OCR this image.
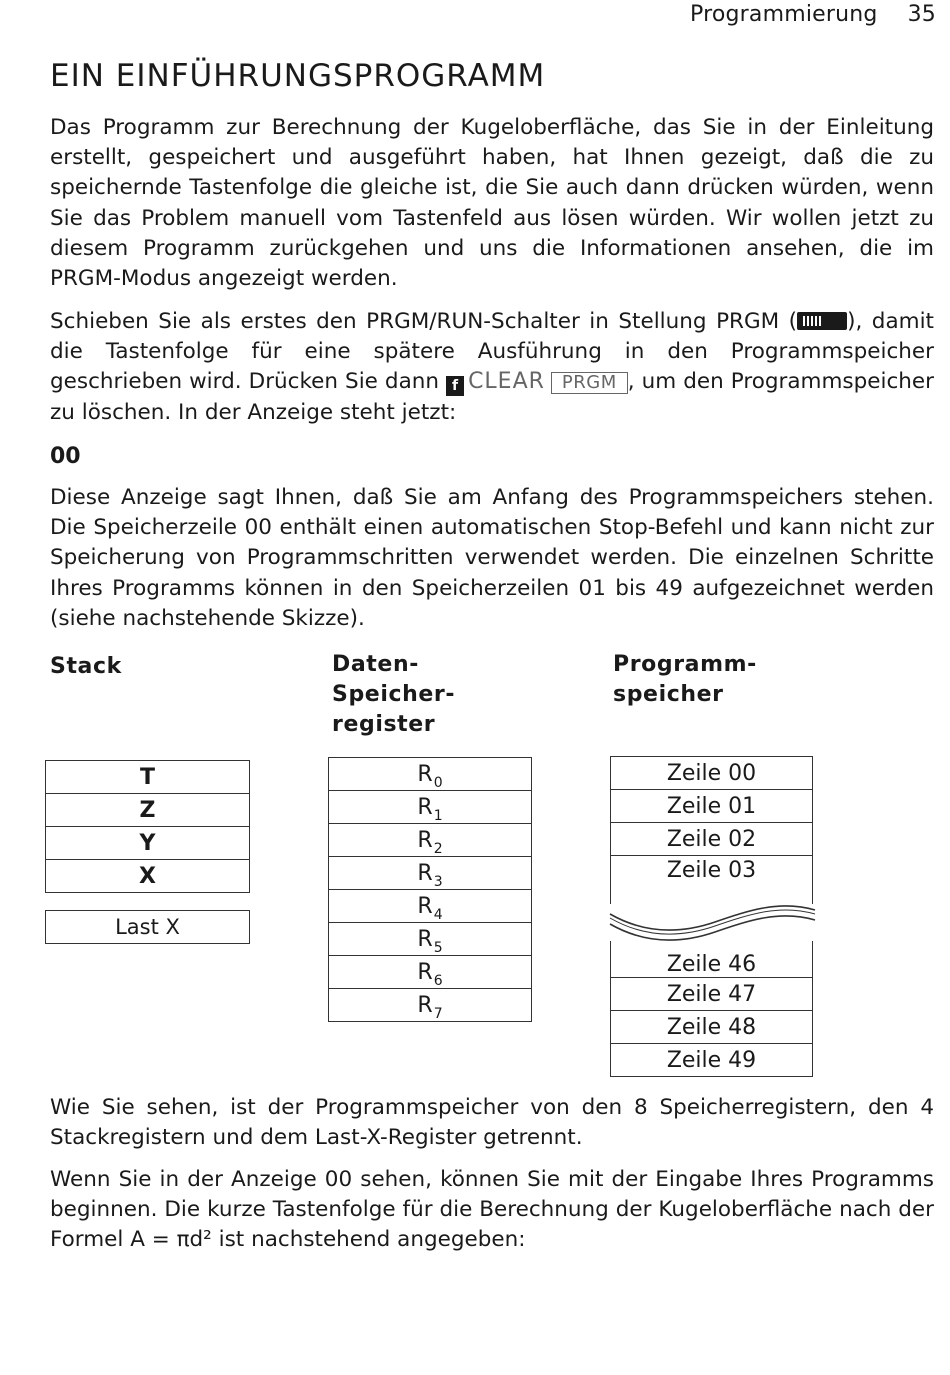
Programmierung 35
EIN EINFÜHRUNGSPROGRAMM

Das Programm zur Berechnung der Kugeloberfläche, das Sie in der Einleitung erstellt, gespeichert und ausgeführt haben, hat Ihnen gezeigt, daß die zu speichernde Tastenfolge die gleiche ist, die Sie auch dann drücken würden, wenn Sie das Problem manuell vom Tastenfeld aus lösen würden. Wir wollen jetzt zu diesem Programm zurückgehen und uns die Informationen ansehen, die im PRGM-Modus angezeigt werden.

Schieben Sie als erstes den PRGM/RUN-Schalter in Stellung PRGM ( ), damit die Tastenfolge für eine spätere Ausführung in den Programmspeicher geschrieben wird. Drücken Sie dann f CLEAR PRGM , um den Programmspeicher zu löschen. In der Anzeige steht jetzt:

00

Diese Anzeige sagt Ihnen, daß Sie am Anfang des Programmspeichers stehen. Die Speicherzeile 00 enthält einen automatischen Stop-Befehl und kann nicht zur Speicherung von Programmschritten verwendet werden. Die einzelnen Schritte Ihres Programms können in den Speicherzeilen 01 bis 49 aufgezeichnet werden (siehe nachstehende Skizze).

Stack	Daten-
Speicher-
register
Programm-
speicher
T
Z
Y
X
Last X
$R_0$
$R_1$
$R_2$
$R_3$
$R_4$
$R_5$
$R_6$
$R_7$
Zeile 00
Zeile 01
Zeile 02
Zeile 03
Zeile 46
Zeile 47
Zeile 48
Zeile 49

Wie Sie sehen, ist der Programmspeicher von den 8 Speicherregistern, den 4 Stackregistern und dem Last-X-Register getrennt.

Wenn Sie in der Anzeige 00 sehen, können Sie mit der Eingabe Ihres Programms beginnen. Die kurze Tastenfolge für die Berechnung der Kugeloberfläche nach der Formel A = πd² ist nachstehend angegeben:
